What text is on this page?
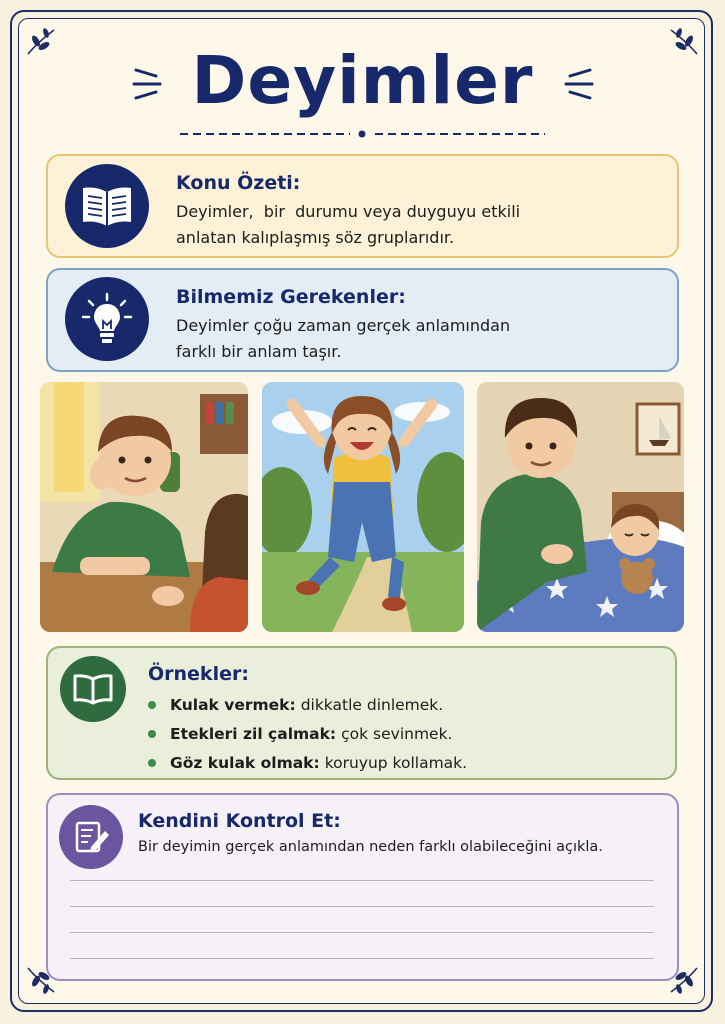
Deyimler
Konu Özeti:
Deyimler,  bir  durumu veya duyguyu etkili
anlatan kalıplaşmış söz gruplarıdır.
Bilmemiz Gerekenler:
Deyimler çoğu zaman gerçek anlamından
farklı bir anlam taşır.
Örnekler:
Kulak vermek: dikkatle dinlemek.
Etekleri zil çalmak: çok sevinmek.
Göz kulak olmak: koruyup kollamak.
Kendini Kontrol Et:
Bir deyimin gerçek anlamından neden farklı olabileceğini açıkla.
